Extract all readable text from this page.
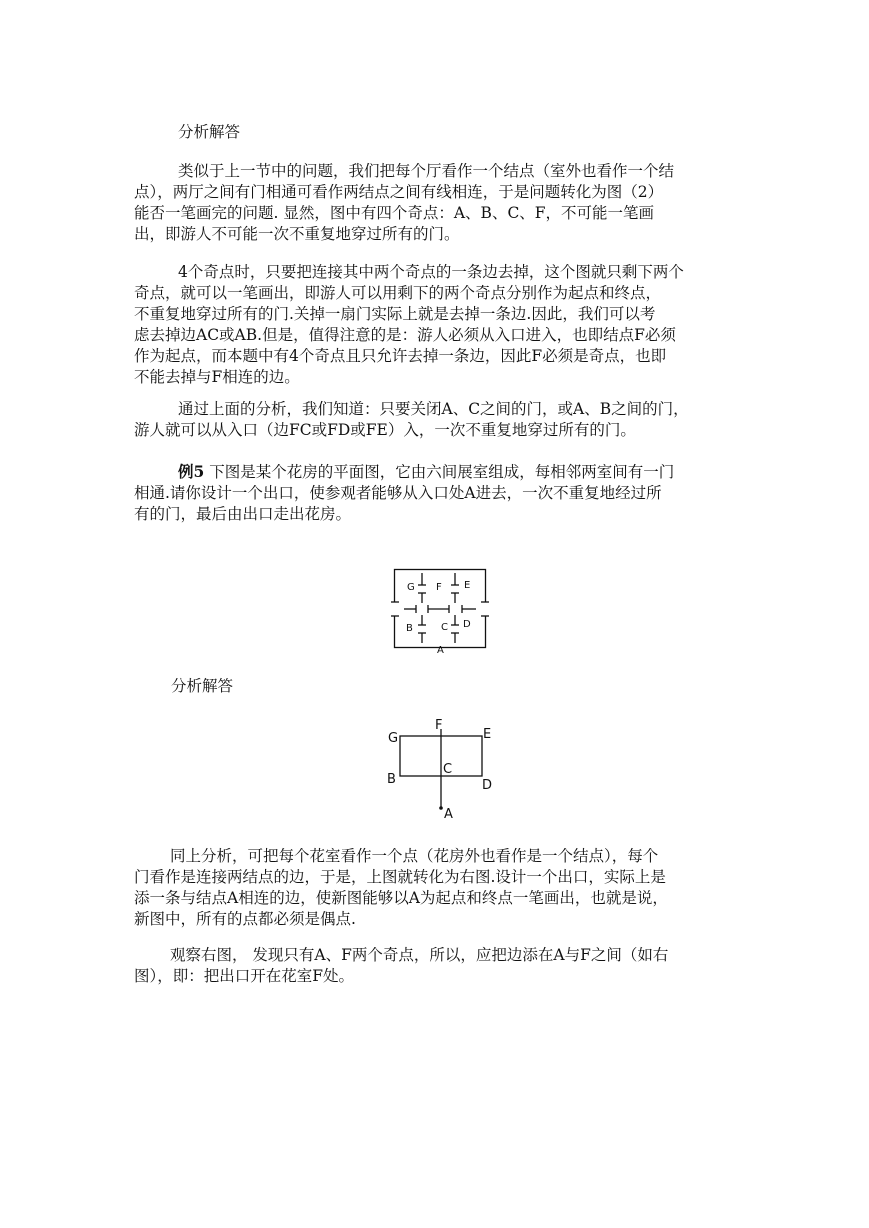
分析解答

类似于上一节中的问题，我们把每个厅看作一个结点（室外也看作一个结
点），两厅之间有门相通可看作两结点之间有线相连，于是问题转化为图（2）
能否一笔画完的问题. 显然，图中有四个奇点：A、B、C、F，不可能一笔画
出，即游人不可能一次不重复地穿过所有的门。

4个奇点时，只要把连接其中两个奇点的一条边去掉，这个图就只剩下两个
奇点，就可以一笔画出，即游人可以用剩下的两个奇点分别作为起点和终点，
不重复地穿过所有的门.关掉一扇门实际上就是去掉一条边.因此，我们可以考
虑去掉边AC或AB.但是，值得注意的是：游人必须从入口进入，也即结点F必须
作为起点，而本题中有4个奇点且只允许去掉一条边，因此F必须是奇点，也即
不能去掉与F相连的边。

通过上面的分析，我们知道：只要关闭A、C之间的门，或A、B之间的门，
游人就可以从入口（边FC或FD或FE）入，一次不重复地穿过所有的门。

例5 下图是某个花房的平面图，它由六间展室组成，每相邻两室间有一门
相通.请你设计一个出口，使参观者能够从入口处A进去，一次不重复地经过所
有的门，最后由出口走出花房。

G F E
B	C D
A

分析解答

G
F
E
B
C
D
A

同上分析，可把每个花室看作一个点（花房外也看作是一个结点），每个
门看作是连接两结点的边，于是，上图就转化为右图.设计一个出口，实际上是
添一条与结点A相连的边，使新图能够以A为起点和终点一笔画出，也就是说，
新图中，所有的点都必须是偶点.

观察右图， 发现只有A、F两个奇点，所以，应把边添在A与F之间（如右
图），即：把出口开在花室F处。
